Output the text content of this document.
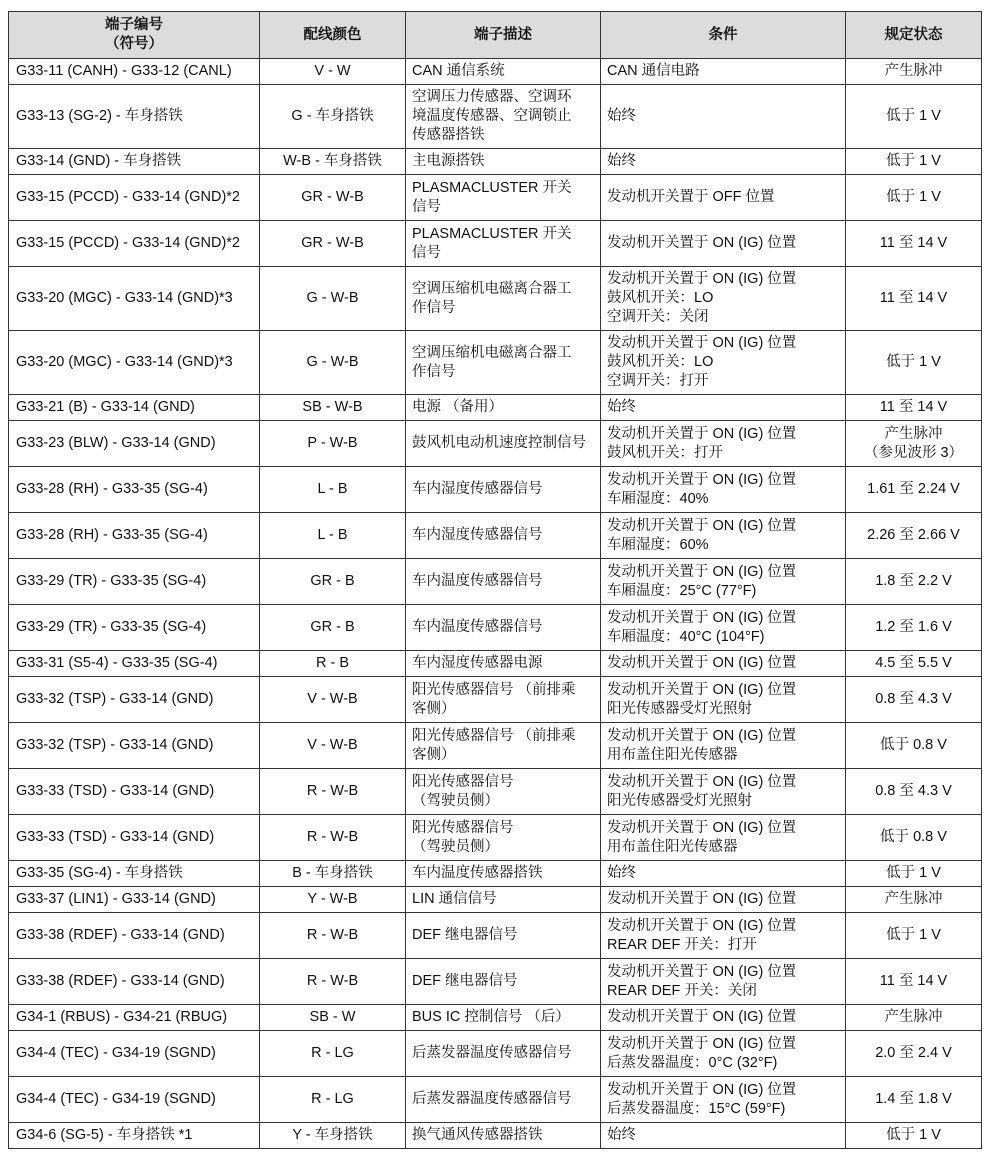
端子编号
（符号）	配线颜色	端子描述	条件	规定状态
G33-11 (CANH) - G33-12 (CANL)	V - W	CAN 通信系统	CAN 通信电路	产生脉冲

G33-13 (SG-2) - 车身搭铁	G - 车身搭铁	空调压力传感器、空调环
境温度传感器、空调锁止
传感器搭铁	始终	低于 1 V

G33-14 (GND) - 车身搭铁	W-B - 车身搭铁	主电源搭铁	始终	低于 1 V

G33-15 (PCCD) - G33-14 (GND)*2	GR - W-B	PLASMACLUSTER 开关
信号	发动机开关置于 OFF 位置	低于 1 V

G33-15 (PCCD) - G33-14 (GND)*2	GR - W-B	PLASMACLUSTER 开关
信号	发动机开关置于 ON (IG) 位置	11 至 14 V

G33-20 (MGC) - G33-14 (GND)*3	G - W-B	空调压缩机电磁离合器工
作信号	发动机开关置于 ON (IG) 位置
鼓风机开关：LO
空调开关：关闭	11 至 14 V

G33-20 (MGC) - G33-14 (GND)*3	G - W-B	空调压缩机电磁离合器工
作信号	发动机开关置于 ON (IG) 位置
鼓风机开关：LO
空调开关：打开	低于 1 V

G33-21 (B) - G33-14 (GND)	SB - W-B	电源 （备用）	始终	11 至 14 V

G33-23 (BLW) - G33-14 (GND)	P - W-B	鼓风机电动机速度控制信号	发动机开关置于 ON (IG) 位置
鼓风机开关：打开	产生脉冲
（参见波形 3）

G33-28 (RH) - G33-35 (SG-4)	L - B	车内湿度传感器信号	发动机开关置于 ON (IG) 位置
车厢湿度：40%	1.61 至 2.24 V

G33-28 (RH) - G33-35 (SG-4)	L - B	车内湿度传感器信号	发动机开关置于 ON (IG) 位置
车厢湿度：60%	2.26 至 2.66 V

G33-29 (TR) - G33-35 (SG-4)	GR - B	车内温度传感器信号	发动机开关置于 ON (IG) 位置
车厢温度：25°C (77°F)	1.8 至 2.2 V

G33-29 (TR) - G33-35 (SG-4)	GR - B	车内温度传感器信号	发动机开关置于 ON (IG) 位置
车厢温度：40°C (104°F)	1.2 至 1.6 V

G33-31 (S5-4) - G33-35 (SG-4)	R - B	车内湿度传感器电源	发动机开关置于 ON (IG) 位置	4.5 至 5.5 V

G33-32 (TSP) - G33-14 (GND)	V - W-B	阳光传感器信号 （前排乘
客侧）	发动机开关置于 ON (IG) 位置
阳光传感器受灯光照射	0.8 至 4.3 V

G33-32 (TSP) - G33-14 (GND)	V - W-B	阳光传感器信号 （前排乘
客侧）	发动机开关置于 ON (IG) 位置
用布盖住阳光传感器	低于 0.8 V

G33-33 (TSD) - G33-14 (GND)	R - W-B	阳光传感器信号
（驾驶员侧）	发动机开关置于 ON (IG) 位置
阳光传感器受灯光照射	0.8 至 4.3 V

G33-33 (TSD) - G33-14 (GND)	R - W-B	阳光传感器信号
（驾驶员侧）	发动机开关置于 ON (IG) 位置
用布盖住阳光传感器	低于 0.8 V

G33-35 (SG-4) - 车身搭铁	B - 车身搭铁	车内温度传感器搭铁	始终	低于 1 V

G33-37 (LIN1) - G33-14 (GND)	Y - W-B	LIN 通信信号	发动机开关置于 ON (IG) 位置	产生脉冲

G33-38 (RDEF) - G33-14 (GND)	R - W-B	DEF 继电器信号	发动机开关置于 ON (IG) 位置
REAR DEF 开关：打开	低于 1 V

G33-38 (RDEF) - G33-14 (GND)	R - W-B	DEF 继电器信号	发动机开关置于 ON (IG) 位置
REAR DEF 开关：关闭	11 至 14 V

G34-1 (RBUS) - G34-21 (RBUG)	SB - W	BUS IC 控制信号 （后）	发动机开关置于 ON (IG) 位置	产生脉冲

G34-4 (TEC) - G34-19 (SGND)	R - LG	后蒸发器温度传感器信号	发动机开关置于 ON (IG) 位置
后蒸发器温度：0°C (32°F)	2.0 至 2.4 V

G34-4 (TEC) - G34-19 (SGND)	R - LG	后蒸发器温度传感器信号	发动机开关置于 ON (IG) 位置
后蒸发器温度：15°C (59°F)	1.4 至 1.8 V

G34-6 (SG-5) - 车身搭铁 *1	Y - 车身搭铁	换气通风传感器搭铁	始终	低于 1 V
